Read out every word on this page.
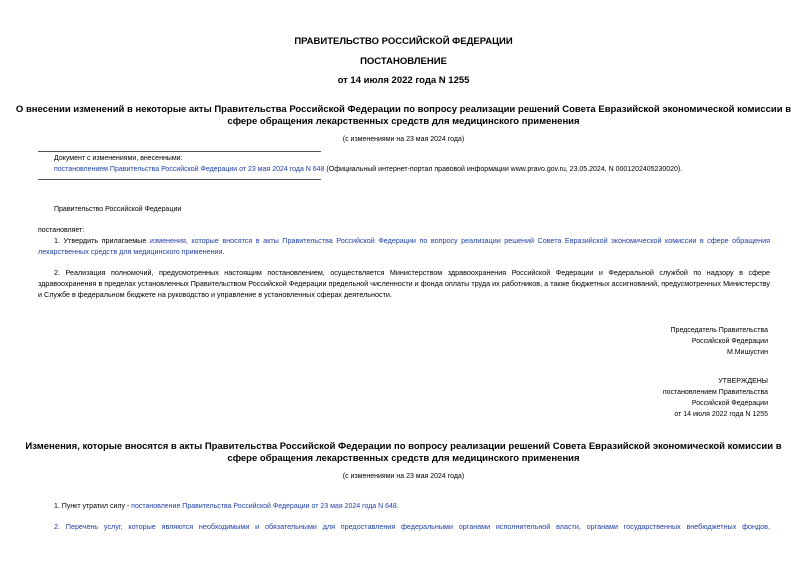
ПРАВИТЕЛЬСТВО РОССИЙСКОЙ ФЕДЕРАЦИИ
ПОСТАНОВЛЕНИЕ
от 14 июля 2022 года N 1255
О внесении изменений в некоторые акты Правительства Российской Федерации по вопросу реализации решений Совета Евразийской экономической комиссии в
сфере обращения лекарственных средств для медицинского применения
(с изменениями на 23 мая 2024 года)
Документ с изменениями, внесенными:
постановлением Правительства Российской Федерации от 23 мая 2024 года N 648 (Официальный интернет-портал правовой информации www.pravo.gov.ru, 23.05.2024, N 0001202405230020).
Правительство Российской Федерации
постановляет:
1. Утвердить прилагаемые изменения, которые вносятся в акты Правительства Российской Федерации по вопросу реализации решений Совета Евразийской экономической комиссии в сфере обращения лекарственных средств для медицинского применения.
2. Реализация полномочий, предусмотренных настоящим постановлением, осуществляется Министерством здравоохранения Российской Федерации и Федеральной службой по надзору в сфере здравоохранения в пределах установленных Правительством Российской Федерации предельной численности и фонда оплаты труда их работников, а также бюджетных ассигнований, предусмотренных Министерству и Службе в федеральном бюджете на руководство и управление в установленных сферах деятельности.
Председатель Правительства
Российской Федерации
М.Мишустин
УТВЕРЖДЕНЫ
постановлением Правительства
Российской Федерации
от 14 июля 2022 года N 1255
Изменения, которые вносятся в акты Правительства Российской Федерации по вопросу реализации решений Совета Евразийской экономической комиссии в
сфере обращения лекарственных средств для медицинского применения
(с изменениями на 23 мая 2024 года)
1. Пункт утратил силу - постановление Правительства Российской Федерации от 23 мая 2024 года N 648.
2. Перечень услуг, которые являются необходимыми и обязательными для предоставления федеральными органами исполнительной власти, органами государственных внебюджетных фондов,
